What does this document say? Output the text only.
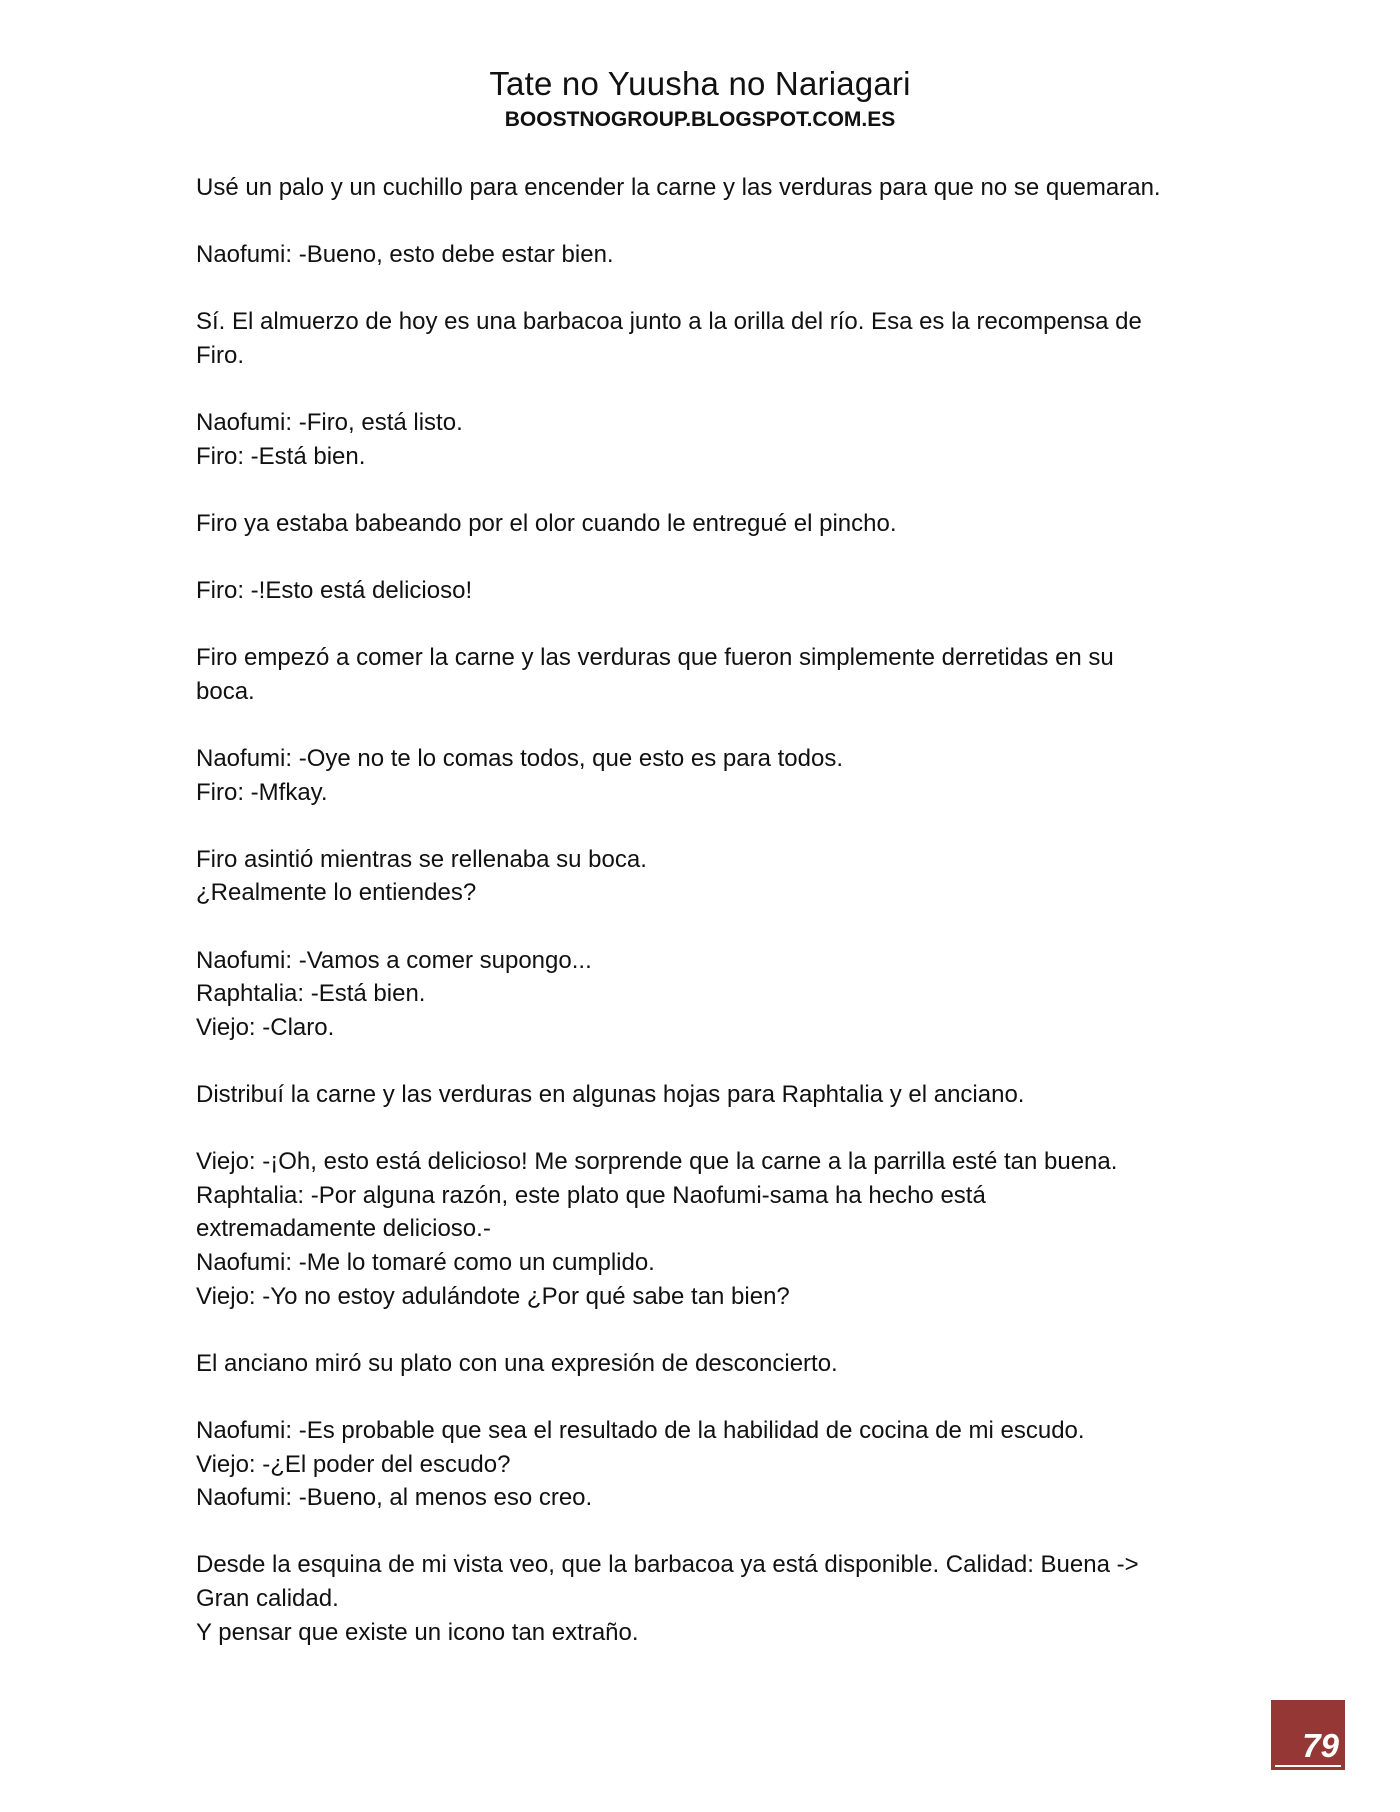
Tate no Yuusha no Nariagari
BOOSTNOGROUP.BLOGSPOT.COM.ES
Usé un palo y un cuchillo para encender la carne y las verduras para que no se quemaran.
Naofumi: -Bueno, esto debe estar bien.
Sí. El almuerzo de hoy es una barbacoa junto a la orilla del río. Esa es la recompensa de
Firo.
Naofumi: -Firo, está listo.
Firo: -Está bien.
Firo ya estaba babeando por el olor cuando le entregué el pincho.
Firo: -!Esto está delicioso!
Firo empezó a comer la carne y las verduras que fueron simplemente derretidas en su
boca.
Naofumi: -Oye no te lo comas todos, que esto es para todos.
Firo: -Mfkay.
Firo asintió mientras se rellenaba su boca.
¿Realmente lo entiendes?
Naofumi: -Vamos a comer supongo...
Raphtalia: -Está bien.
Viejo: -Claro.
Distribuí la carne y las verduras en algunas hojas para Raphtalia y el anciano.
Viejo: -¡Oh, esto está delicioso! Me sorprende que la carne a la parrilla esté tan buena.
Raphtalia: -Por alguna razón, este plato que Naofumi-sama ha hecho está
extremadamente delicioso.-
Naofumi: -Me lo tomaré como un cumplido.
Viejo: -Yo no estoy adulándote ¿Por qué sabe tan bien?
El anciano miró su plato con una expresión de desconcierto.
Naofumi: -Es probable que sea el resultado de la habilidad de cocina de mi escudo.
Viejo: -¿El poder del escudo?
Naofumi: -Bueno, al menos eso creo.
Desde la esquina de mi vista veo, que la barbacoa ya está disponible. Calidad: Buena ->
Gran calidad.
Y pensar que existe un icono tan extraño.
79
